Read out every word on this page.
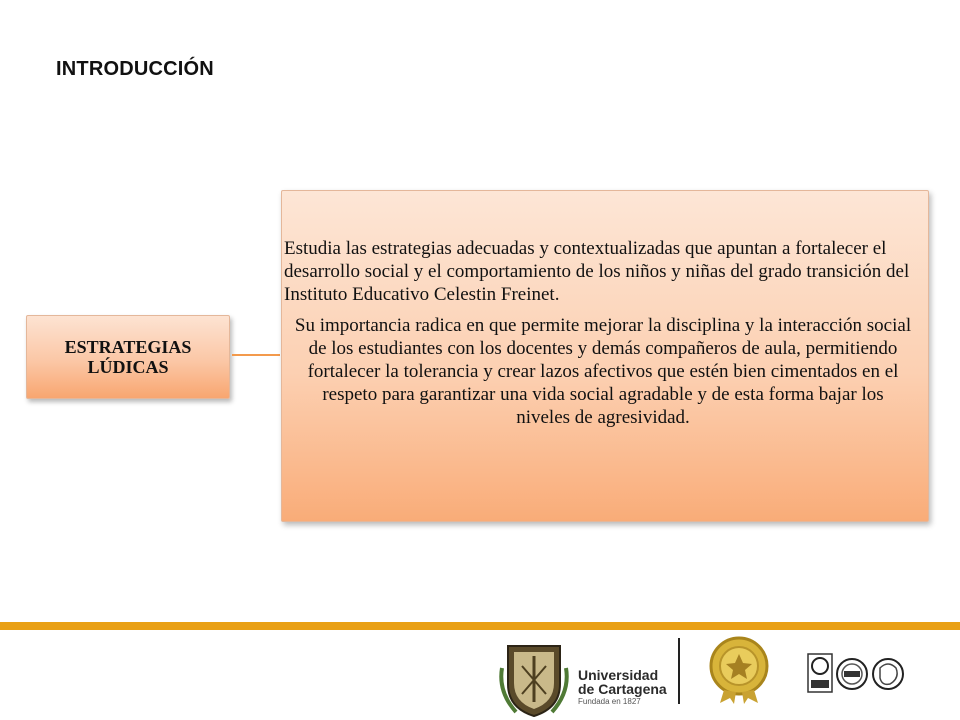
INTRODUCCIÓN
ESTRATEGIAS
LÚDICAS

Estudia las estrategias adecuadas y contextualizadas que apuntan a fortalecer el desarrollo social y el comportamiento de los niños y niñas del grado transición del Instituto Educativo Celestin Freinet.

Su importancia radica en que permite mejorar la disciplina y la interacción social de los estudiantes con los docentes y demás compañeros de aula, permitiendo fortalecer la tolerancia y crear lazos afectivos que estén bien cimentados en el respeto para garantizar una vida social agradable y de esta forma bajar los niveles de agresividad.

Universidad
de Cartagena
Fundada en 1827
